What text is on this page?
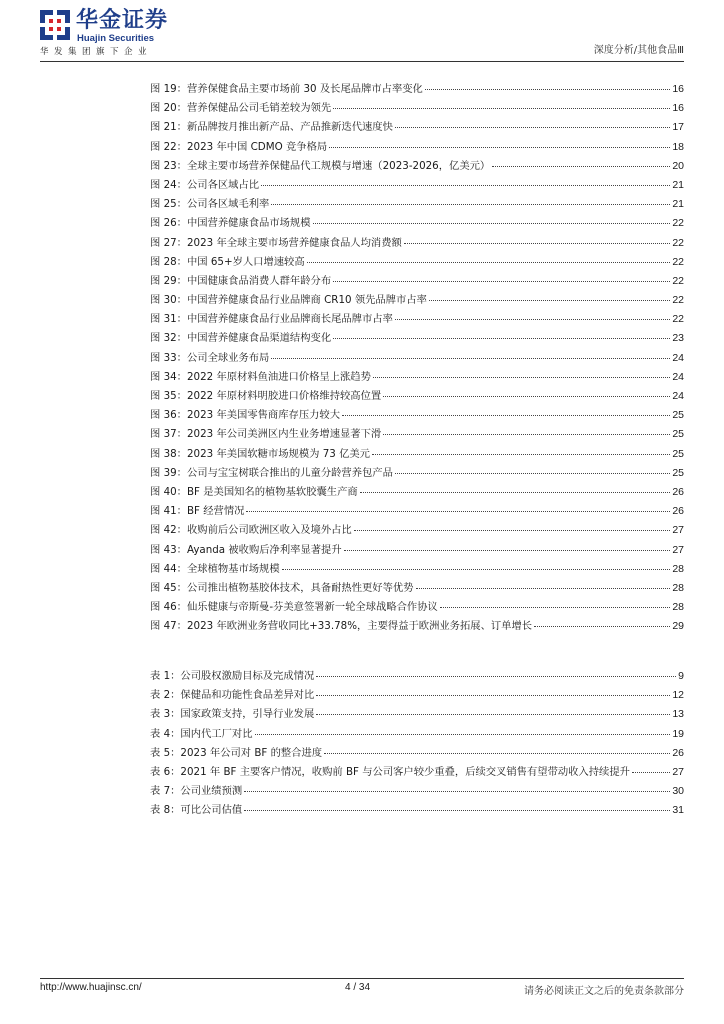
华金证券
Huajin Securities
华发集团旗下企业	深度分析/其他食品Ⅲ
图 19：营养保健食品主要市场前 30 及长尾品牌市占率变化	16
图 20：营养保健品公司毛销差较为领先	16
图 21：新品牌按月推出新产品、产品推新迭代速度快	17
图 22：2023 年中国 CDMO 竞争格局	18
图 23：全球主要市场营养保健品代工规模与增速（2023-2026，亿美元）	20
图 24：公司各区域占比	21
图 25：公司各区域毛利率	21
图 26：中国营养健康食品市场规模	22
图 27：2023 年全球主要市场营养健康食品人均消费额	22
图 28：中国 65+岁人口增速较高	22
图 29：中国健康食品消费人群年龄分布	22
图 30：中国营养健康食品行业品牌商 CR10 领先品牌市占率	22
图 31：中国营养健康食品行业品牌商长尾品牌市占率	22
图 32：中国营养健康食品渠道结构变化	23
图 33：公司全球业务布局	24
图 34：2022 年原材料鱼油进口价格呈上涨趋势	24
图 35：2022 年原材料明胶进口价格维持较高位置	24
图 36：2023 年美国零售商库存压力较大	25
图 37：2023 年公司美洲区内生业务增速显著下滑	25
图 38：2023 年美国软糖市场规模为 73 亿美元	25
图 39：公司与宝宝树联合推出的儿童分龄营养包产品	25
图 40：BF 是美国知名的植物基软胶囊生产商	26
图 41：BF 经营情况	26
图 42：收购前后公司欧洲区收入及境外占比	27
图 43：Ayanda 被收购后净利率显著提升	27
图 44：全球植物基市场规模	28
图 45：公司推出植物基胶体技术，具备耐热性更好等优势	28
图 46：仙乐健康与帝斯曼-芬美意签署新一轮全球战略合作协议	28
图 47：2023 年欧洲业务营收同比+33.78%，主要得益于欧洲业务拓展、订单增长	29
表 1：公司股权激励目标及完成情况	9
表 2：保健品和功能性食品差异对比	12
表 3：国家政策支持，引导行业发展	13
表 4：国内代工厂对比	19
表 5：2023 年公司对 BF 的整合进度	26
表 6：2021 年 BF 主要客户情况，收购前 BF 与公司客户较少重叠，后续交叉销售有望带动收入持续提升	27
表 7：公司业绩预测	30
表 8：可比公司估值	31
http://www.huajinsc.cn/	4 / 34	请务必阅读正文之后的免责条款部分
